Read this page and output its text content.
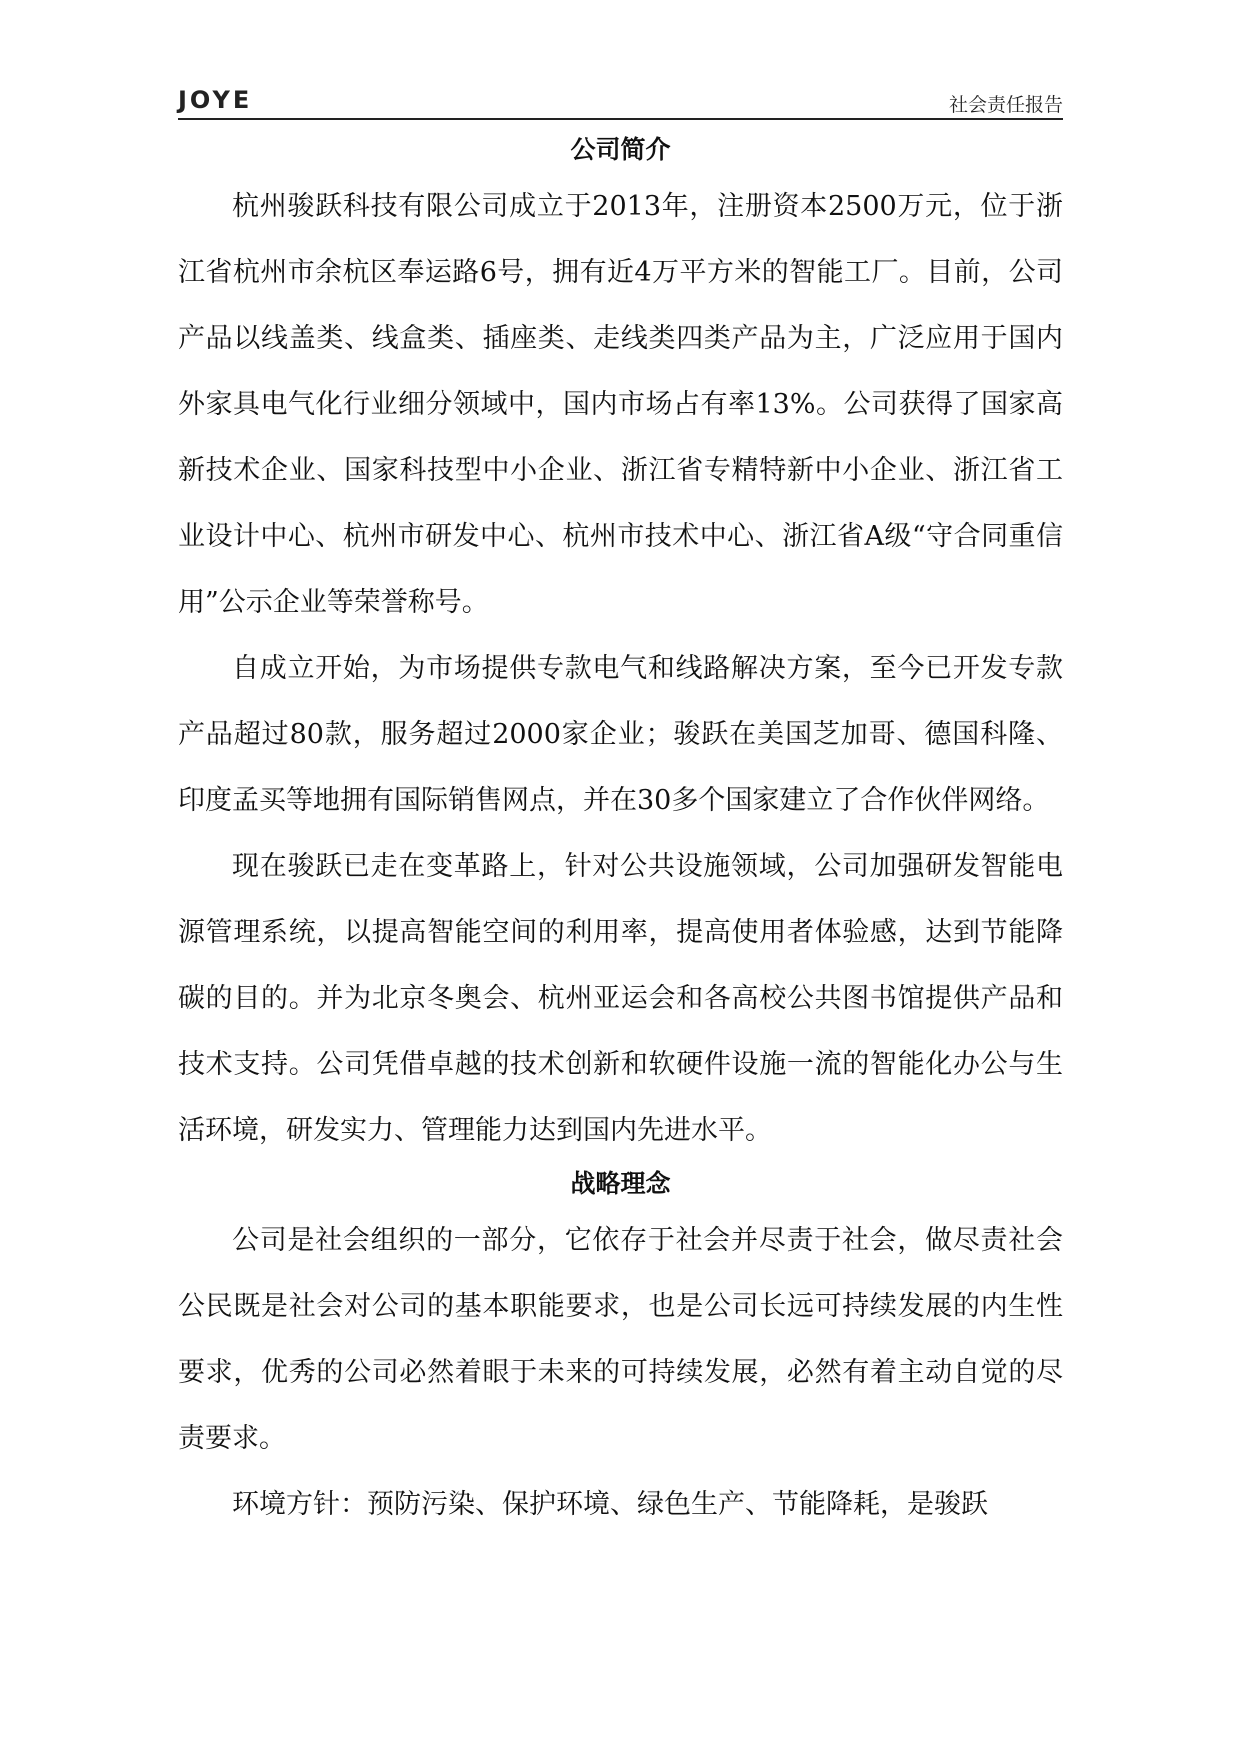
JOYE	社会责任报告
公司简介

杭州骏跃科技有限公司成立于2013年，注册资本2500万元，位于浙江省杭州市余杭区奉运路6号，拥有近4万平方米的智能工厂。目前，公司产品以线盖类、线盒类、插座类、走线类四类产品为主，广泛应用于国内外家具电气化行业细分领域中，国内市场占有率13%。公司获得了国家高新技术企业、国家科技型中小企业、浙江省专精特新中小企业、浙江省工业设计中心、杭州市研发中心、杭州市技术中心、浙江省A级“守合同重信用”公示企业等荣誉称号。

自成立开始，为市场提供专款电气和线路解决方案，至今已开发专款产品超过80款，服务超过2000家企业；骏跃在美国芝加哥、德国科隆、印度孟买等地拥有国际销售网点，并在30多个国家建立了合作伙伴网络。

现在骏跃已走在变革路上，针对公共设施领域，公司加强研发智能电源管理系统，以提高智能空间的利用率，提高使用者体验感，达到节能降碳的目的。并为北京冬奥会、杭州亚运会和各高校公共图书馆提供产品和技术支持。公司凭借卓越的技术创新和软硬件设施一流的智能化办公与生活环境，研发实力、管理能力达到国内先进水平。

战略理念

公司是社会组织的一部分，它依存于社会并尽责于社会，做尽责社会公民既是社会对公司的基本职能要求，也是公司长远可持续发展的内生性要求，优秀的公司必然着眼于未来的可持续发展，必然有着主动自觉的尽责要求。

环境方针：预防污染、保护环境、绿色生产、节能降耗，是骏跃
